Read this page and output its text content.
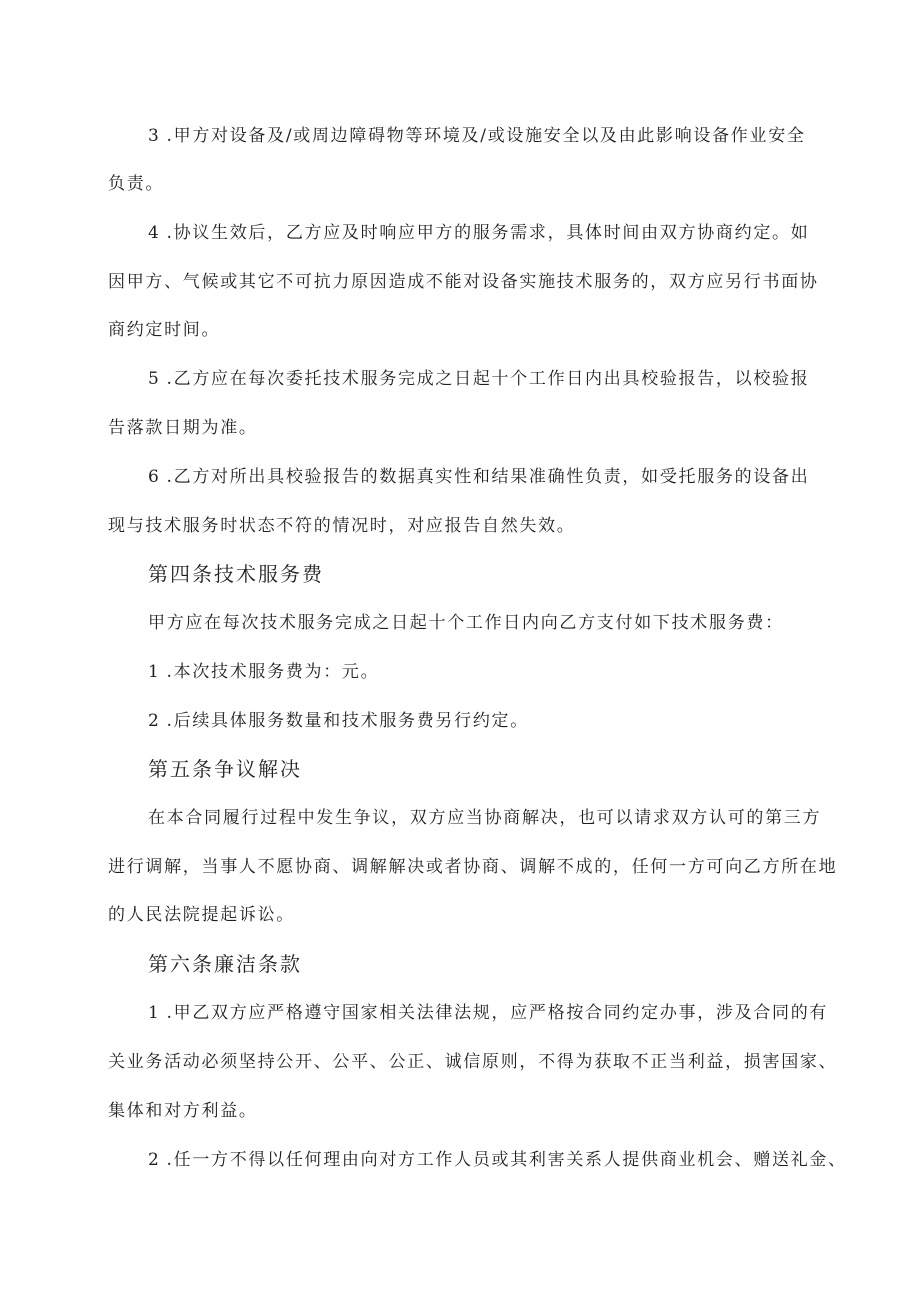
3 .甲方对设备及/或周边障碍物等环境及/或设施安全以及由此影响设备作业安全
负责。
4 .协议生效后，乙方应及时响应甲方的服务需求，具体时间由双方协商约定。如
因甲方、气候或其它不可抗力原因造成不能对设备实施技术服务的，双方应另行书面协
商约定时间。
5 .乙方应在每次委托技术服务完成之日起十个工作日内出具校验报告，以校验报
告落款日期为准。
6 .乙方对所出具校验报告的数据真实性和结果准确性负责，如受托服务的设备出
现与技术服务时状态不符的情况时，对应报告自然失效。
第四条技术服务费
甲方应在每次技术服务完成之日起十个工作日内向乙方支付如下技术服务费：
1 .本次技术服务费为：元。
2 .后续具体服务数量和技术服务费另行约定。
第五条争议解决
在本合同履行过程中发生争议，双方应当协商解决，也可以请求双方认可的第三方
进行调解，当事人不愿协商、调解解决或者协商、调解不成的，任何一方可向乙方所在地
的人民法院提起诉讼。
第六条廉洁条款
1 .甲乙双方应严格遵守国家相关法律法规，应严格按合同约定办事，涉及合同的有
关业务活动必须坚持公开、公平、公正、诚信原则，不得为获取不正当利益，损害国家、
集体和对方利益。
2 .任一方不得以任何理由向对方工作人员或其利害关系人提供商业机会、赠送礼金、
